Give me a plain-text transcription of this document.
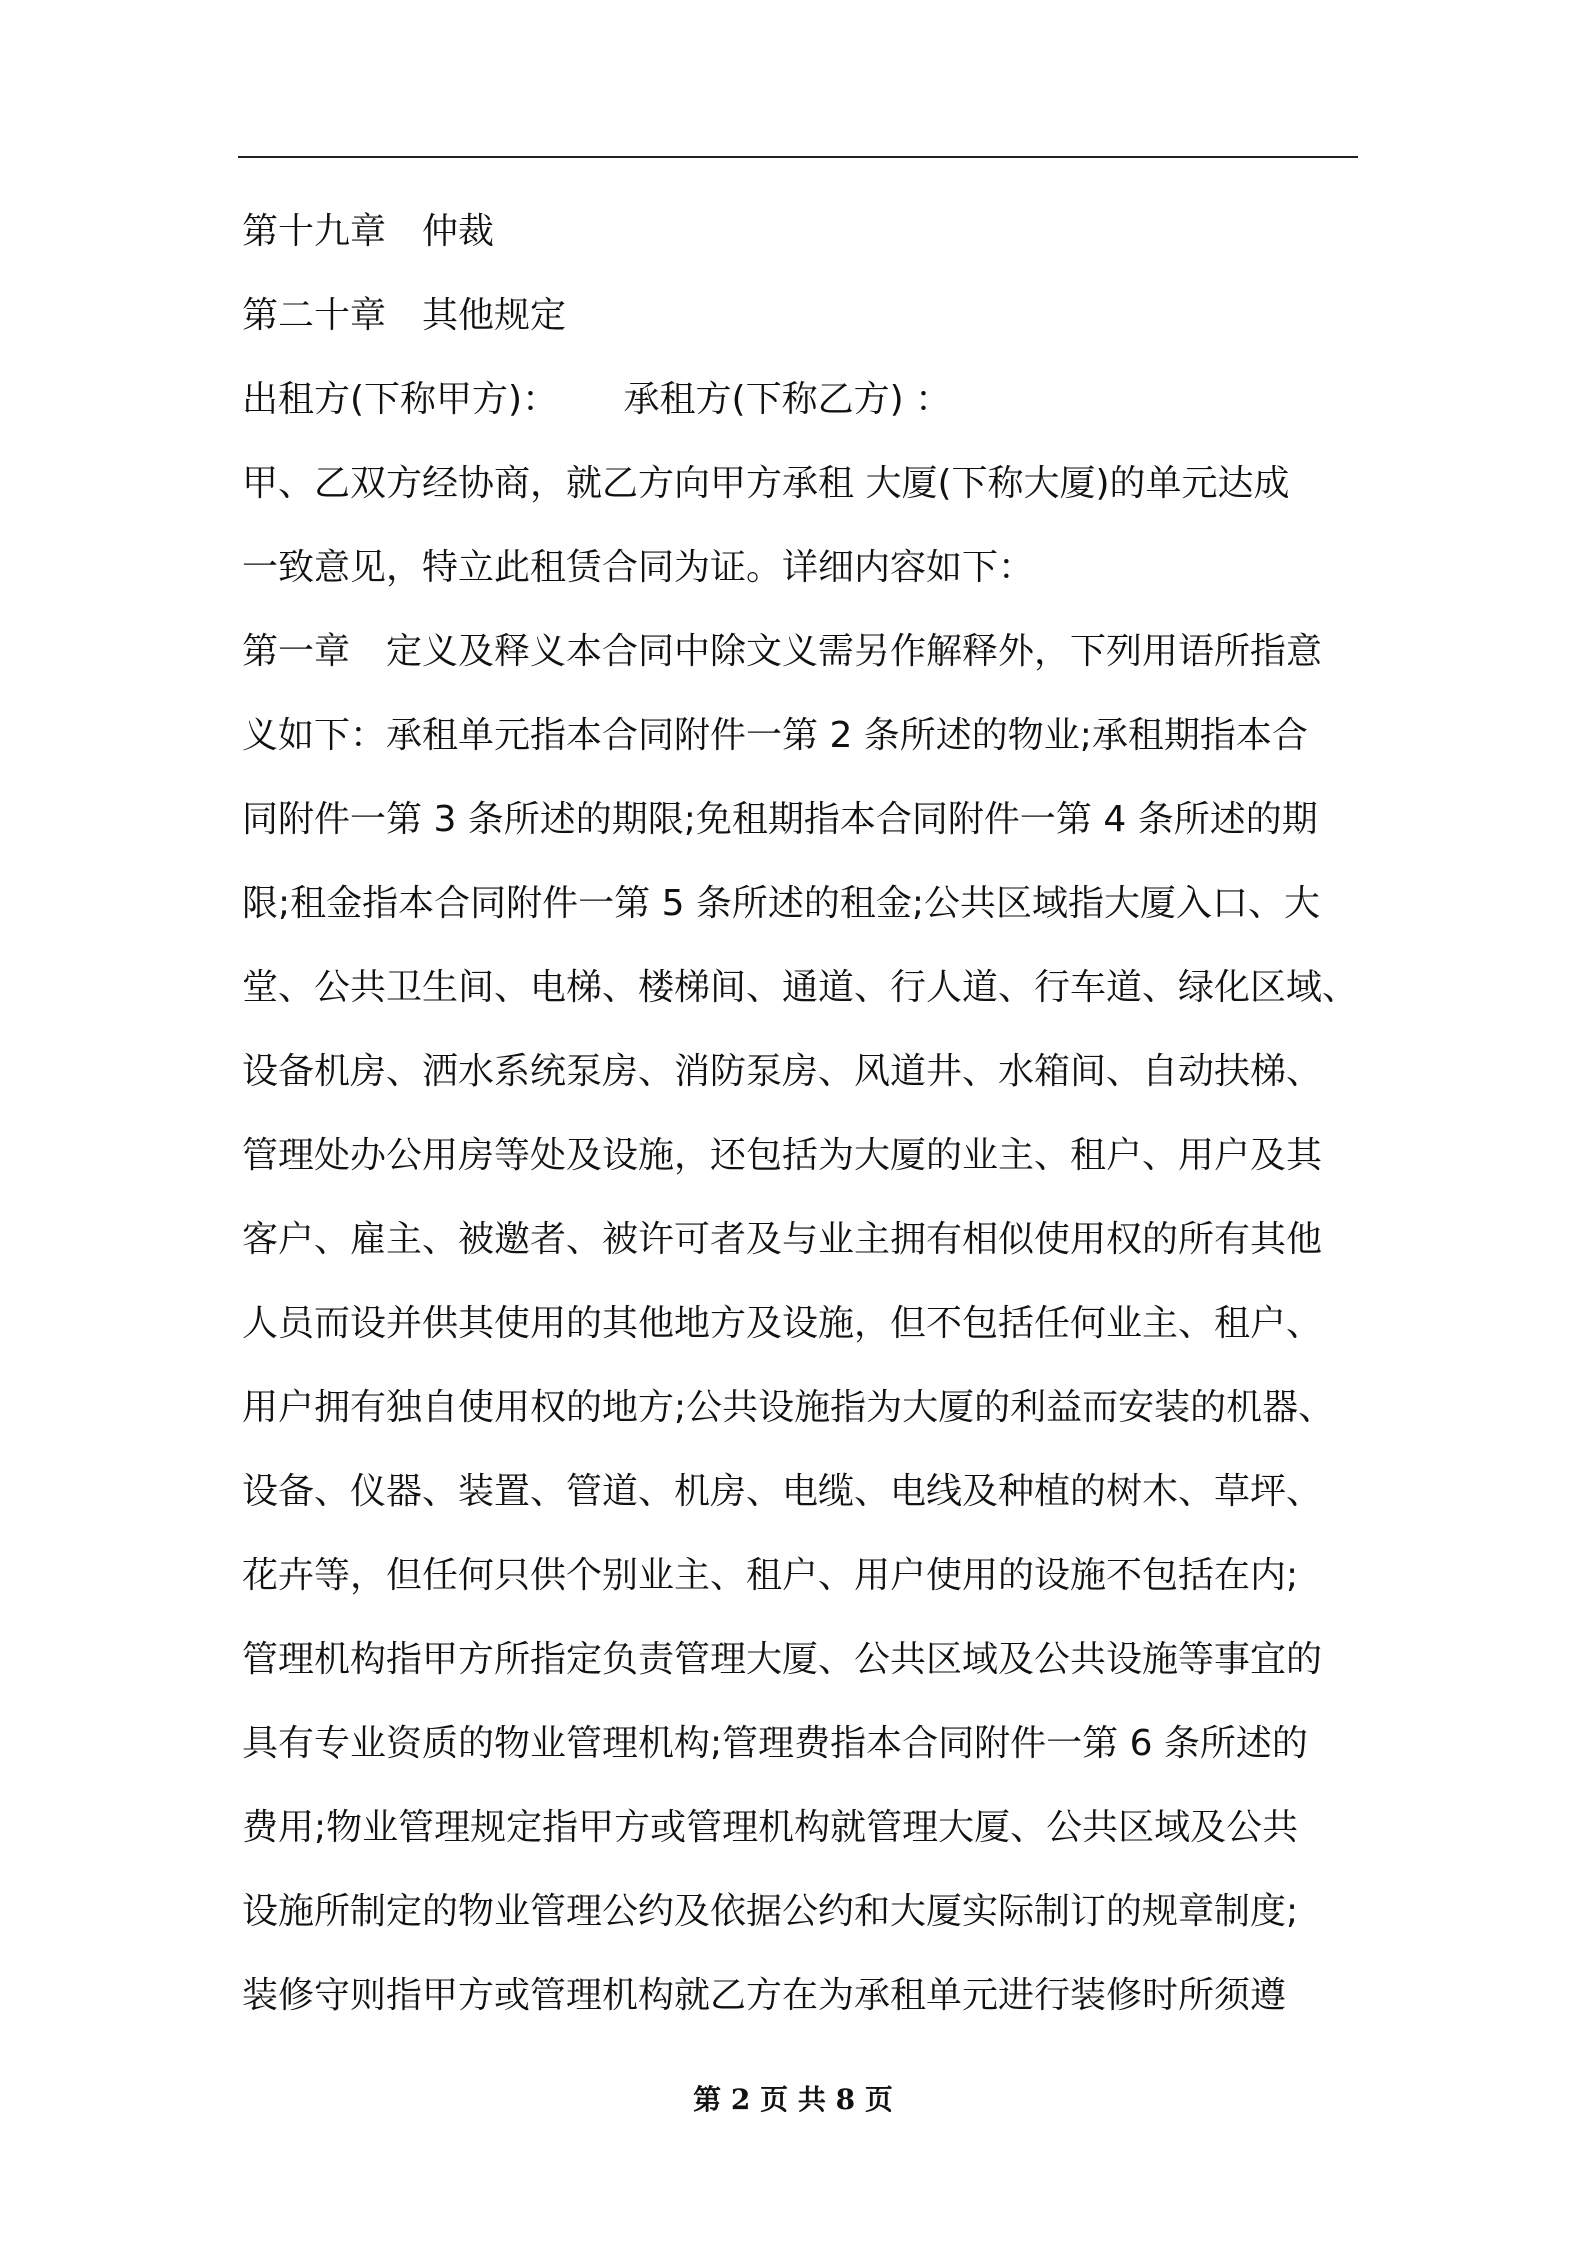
第十九章　仲裁
第二十章　其他规定
出租方(下称甲方)：　　 承租方(下称乙方) ：
甲、乙双方经协商，就乙方向甲方承租 大厦(下称大厦)的单元达成
一致意见，特立此租赁合同为证。详细内容如下：
第一章　定义及释义本合同中除文义需另作解释外，下列用语所指意
义如下：承租单元指本合同附件一第 2 条所述的物业;承租期指本合
同附件一第 3 条所述的期限;免租期指本合同附件一第 4 条所述的期
限;租金指本合同附件一第 5 条所述的租金;公共区域指大厦入口、大
堂、公共卫生间、电梯、楼梯间、通道、行人道、行车道、绿化区域、
设备机房、洒水系统泵房、消防泵房、风道井、水箱间、自动扶梯、
管理处办公用房等处及设施，还包括为大厦的业主、租户、用户及其
客户、雇主、被邀者、被许可者及与业主拥有相似使用权的所有其他
人员而设并供其使用的其他地方及设施，但不包括任何业主、租户、
用户拥有独自使用权的地方;公共设施指为大厦的利益而安装的机器、
设备、仪器、装置、管道、机房、电缆、电线及种植的树木、草坪、
花卉等，但任何只供个别业主、租户、用户使用的设施不包括在内;
管理机构指甲方所指定负责管理大厦、公共区域及公共设施等事宜的
具有专业资质的物业管理机构;管理费指本合同附件一第 6 条所述的
费用;物业管理规定指甲方或管理机构就管理大厦、公共区域及公共
设施所制定的物业管理公约及依据公约和大厦实际制订的规章制度;
装修守则指甲方或管理机构就乙方在为承租单元进行装修时所须遵
第 2 页 共 8 页
